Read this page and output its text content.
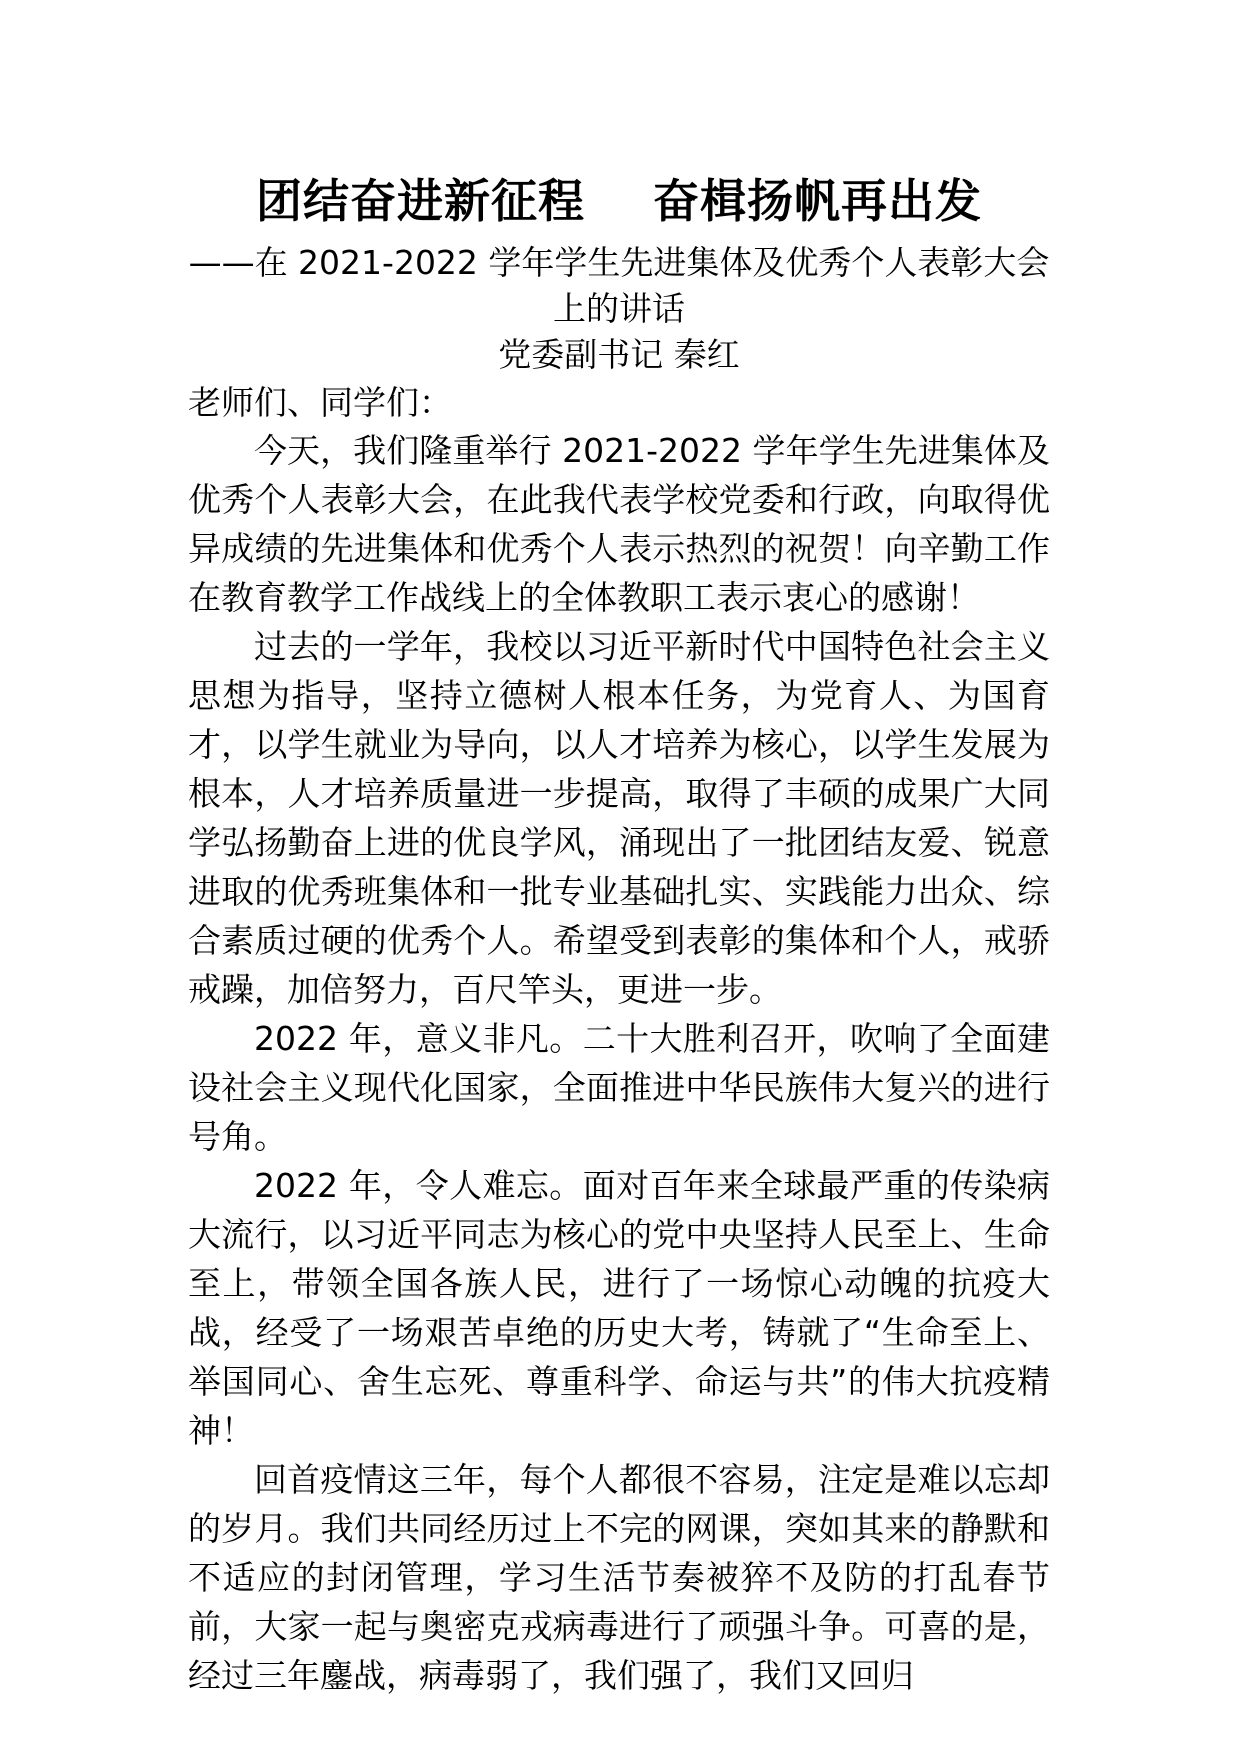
团结奋进新征程    奋楫扬帆再出发

——在 2021-2022 学年学生先进集体及优秀个人表彰大会上的讲话

党委副书记 秦红

老师们、同学们：

今天，我们隆重举行 2021-2022 学年学生先进集体及优秀个人表彰大会，在此我代表学校党委和行政，向取得优异成绩的先进集体和优秀个人表示热烈的祝贺！向辛勤工作在教育教学工作战线上的全体教职工表示衷心的感谢！

过去的一学年，我校以习近平新时代中国特色社会主义思想为指导，坚持立德树人根本任务，为党育人、为国育才，以学生就业为导向，以人才培养为核心，以学生发展为根本，人才培养质量进一步提高，取得了丰硕的成果广大同学弘扬勤奋上进的优良学风，涌现出了一批团结友爱、锐意进取的优秀班集体和一批专业基础扎实、实践能力出众、综合素质过硬的优秀个人。希望受到表彰的集体和个人，戒骄戒躁，加倍努力，百尺竿头，更进一步。

2022 年，意义非凡。二十大胜利召开，吹响了全面建设社会主义现代化国家，全面推进中华民族伟大复兴的进行号角。

2022 年，令人难忘。面对百年来全球最严重的传染病大流行，以习近平同志为核心的党中央坚持人民至上、生命至上，带领全国各族人民，进行了一场惊心动魄的抗疫大战，经受了一场艰苦卓绝的历史大考，铸就了“生命至上、举国同心、舍生忘死、尊重科学、命运与共”的伟大抗疫精神！

回首疫情这三年，每个人都很不容易，注定是难以忘却的岁月。我们共同经历过上不完的网课，突如其来的静默和不适应的封闭管理，学习生活节奏被猝不及防的打乱春节前，大家一起与奥密克戎病毒进行了顽强斗争。可喜的是，经过三年鏖战，病毒弱了，我们强了，我们又回归
